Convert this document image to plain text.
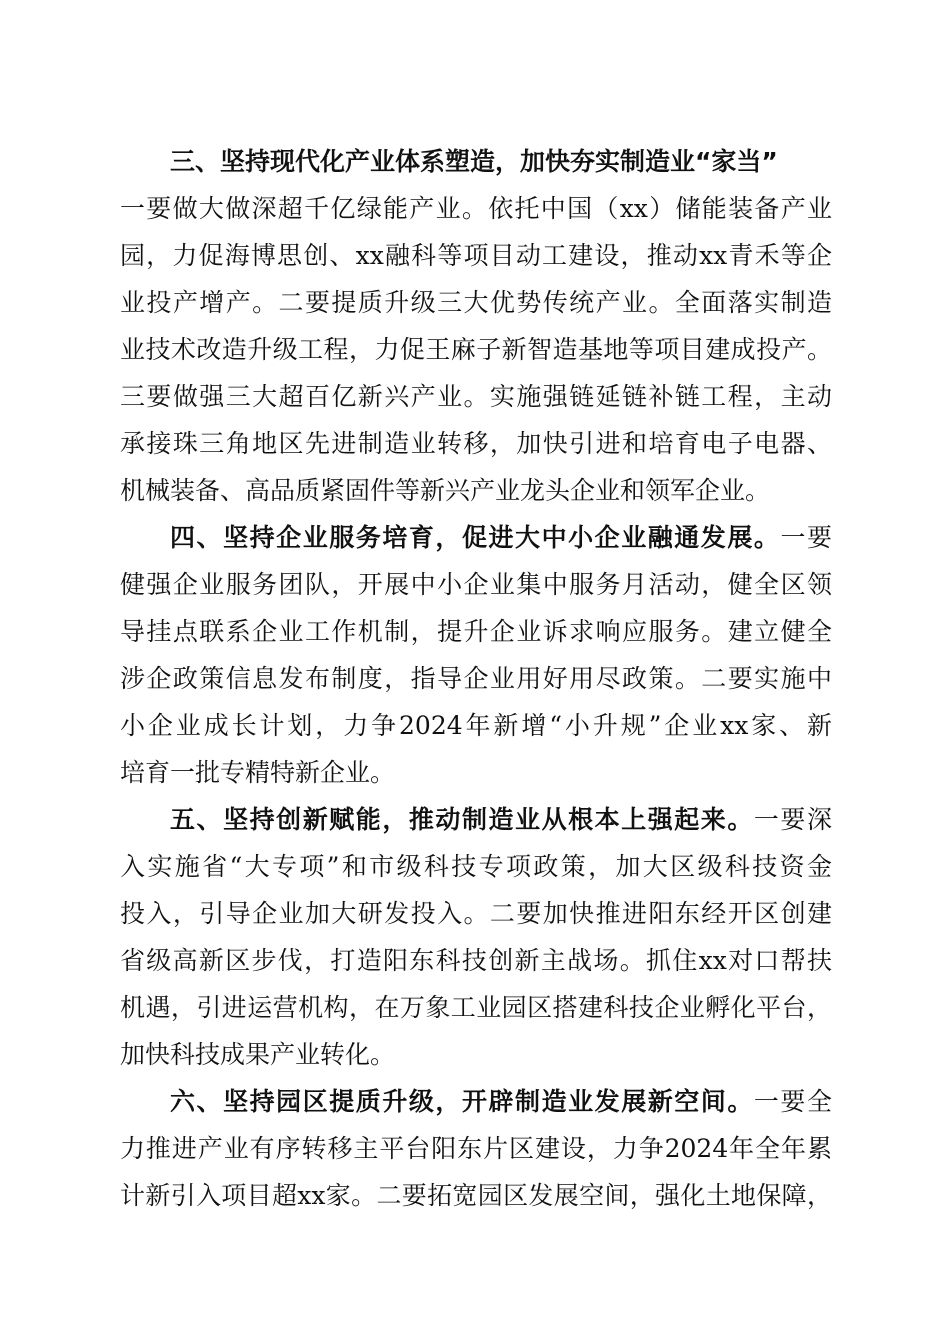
三、坚持现代化产业体系塑造，加快夯实制造业“家当”
一要做大做深超千亿绿能产业。依托中国（xx）储能装备产业
园，力促海博思创、xx融科等项目动工建设，推动xx青禾等企
业投产增产。二要提质升级三大优势传统产业。全面落实制造
业技术改造升级工程，力促王麻子新智造基地等项目建成投产。
三要做强三大超百亿新兴产业。实施强链延链补链工程，主动
承接珠三角地区先进制造业转移，加快引进和培育电子电器、
机械装备、高品质紧固件等新兴产业龙头企业和领军企业。
四、坚持企业服务培育，促进大中小企业融通发展。一要
健强企业服务团队，开展中小企业集中服务月活动，健全区领
导挂点联系企业工作机制，提升企业诉求响应服务。建立健全
涉企政策信息发布制度，指导企业用好用尽政策。二要实施中
小企业成长计划，力争2024年新增“小升规”企业xx家、新
培育一批专精特新企业。
五、坚持创新赋能，推动制造业从根本上强起来。一要深
入实施省“大专项”和市级科技专项政策，加大区级科技资金
投入，引导企业加大研发投入。二要加快推进阳东经开区创建
省级高新区步伐，打造阳东科技创新主战场。抓住xx对口帮扶
机遇，引进运营机构，在万象工业园区搭建科技企业孵化平台，
加快科技成果产业转化。
六、坚持园区提质升级，开辟制造业发展新空间。一要全
力推进产业有序转移主平台阳东片区建设，力争2024年全年累
计新引入项目超xx家。二要拓宽园区发展空间，强化土地保障，
